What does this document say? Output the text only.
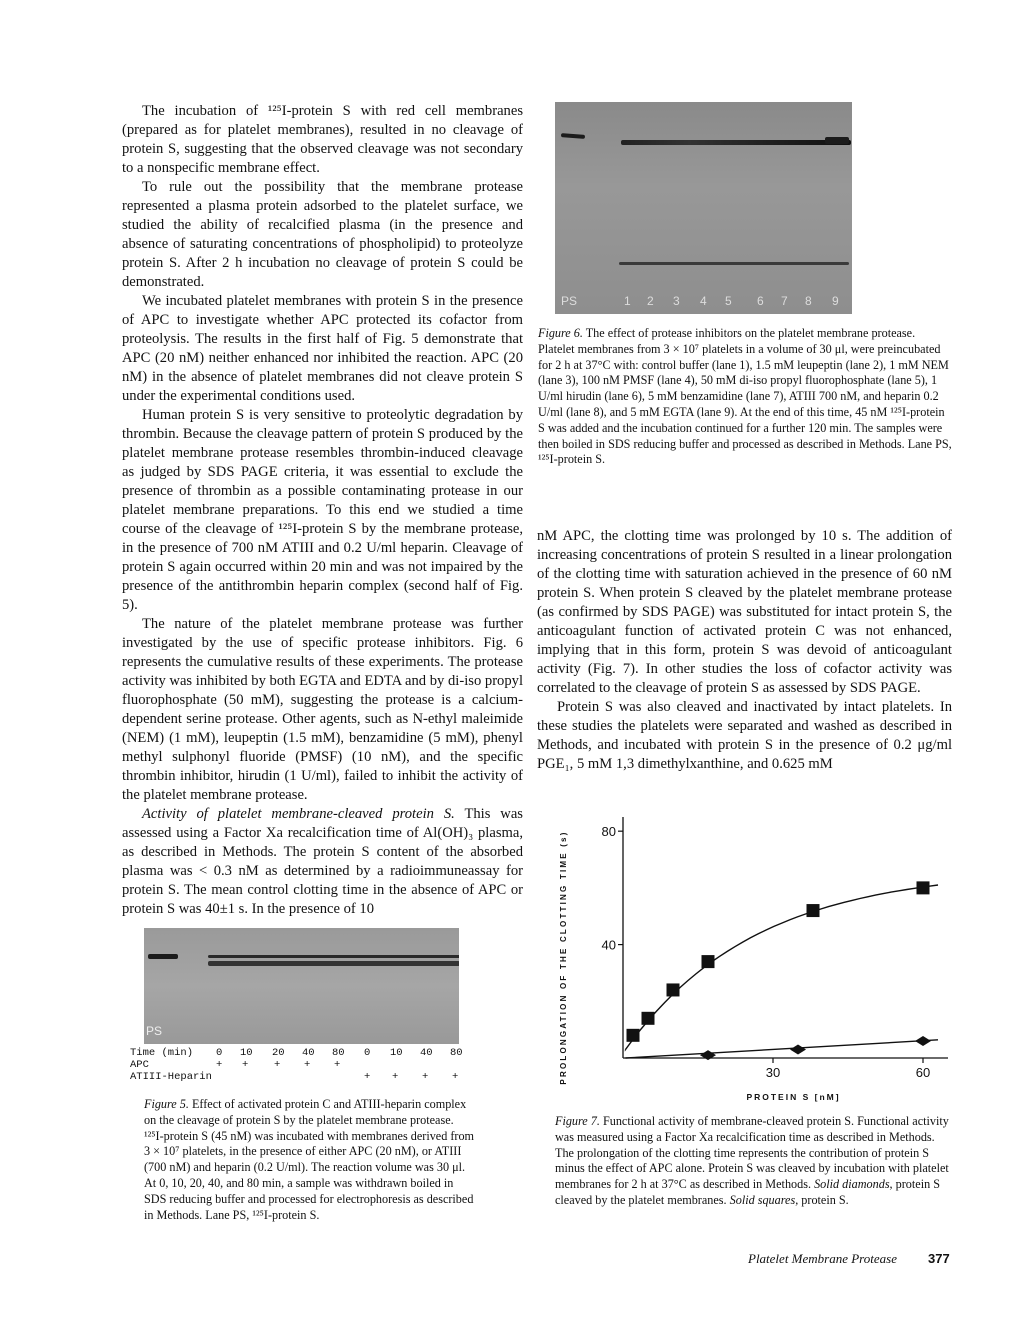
The incubation of ¹²⁵I-protein S with red cell membranes (prepared as for platelet membranes), resulted in no cleavage of protein S, suggesting that the observed cleavage was not secondary to a nonspecific membrane effect.

To rule out the possibility that the membrane protease represented a plasma protein adsorbed to the platelet surface, we studied the ability of recalcified plasma (in the presence and absence of saturating concentrations of phospholipid) to proteolyze protein S. After 2 h incubation no cleavage of protein S could be demonstrated.

We incubated platelet membranes with protein S in the presence of APC to investigate whether APC protected its cofactor from proteolysis. The results in the first half of Fig. 5 demonstrate that APC (20 nM) neither enhanced nor inhibited the reaction. APC (20 nM) in the absence of platelet membranes did not cleave protein S under the experimental conditions used.

Human protein S is very sensitive to proteolytic degradation by thrombin. Because the cleavage pattern of protein S produced by the platelet membrane protease resembles thrombin-induced cleavage as judged by SDS PAGE criteria, it was essential to exclude the presence of thrombin as a possible contaminating protease in our platelet membrane preparations. To this end we studied a time course of the cleavage of ¹²⁵I-protein S by the membrane protease, in the presence of 700 nM ATIII and 0.2 U/ml heparin. Cleavage of protein S again occurred within 20 min and was not impaired by the presence of the antithrombin heparin complex (second half of Fig. 5).

The nature of the platelet membrane protease was further investigated by the use of specific protease inhibitors. Fig. 6 represents the cumulative results of these experiments. The protease activity was inhibited by both EGTA and EDTA and by di-iso propyl fluorophosphate (50 mM), suggesting the protease is a calcium-dependent serine protease. Other agents, such as N-ethyl maleimide (NEM) (1 mM), leupeptin (1.5 mM), benzamidine (5 mM), phenyl methyl sulphonyl fluoride (PMSF) (10 nM), and the specific thrombin inhibitor, hirudin (1 U/ml), failed to inhibit the activity of the platelet membrane protease.

Activity of platelet membrane-cleaved protein S. This was assessed using a Factor Xa recalcification time of Al(OH)₃ plasma, as described in Methods. The protein S content of the absorbed plasma was < 0.3 nM as determined by a radioimmuneassay for protein S. The mean control clotting time in the absence of APC or protein S was 40±1 s. In the presence of 10

PS	1 2 3 4 5 6 7 8 9
Figure 6. The effect of protease inhibitors on the platelet membrane protease. Platelet membranes from 3 × 10⁷ platelets in a volume of 30 μl, were preincubated for 2 h at 37°C with: control buffer (lane 1), 1.5 mM leupeptin (lane 2), 1 mM NEM (lane 3), 100 nM PMSF (lane 4), 50 mM di-iso propyl fluorophosphate (lane 5), 1 U/ml hirudin (lane 6), 5 mM benzamidine (lane 7), ATIII 700 nM, and heparin 0.2 U/ml (lane 8), and 5 mM EGTA (lane 9). At the end of this time, 45 nM ¹²⁵I-protein S was added and the incubation continued for a further 120 min. The samples were then boiled in SDS reducing buffer and processed as described in Methods. Lane PS, ¹²⁵I-protein S.

nM APC, the clotting time was prolonged by 10 s. The addition of increasing concentrations of protein S resulted in a linear prolongation of the clotting time with saturation achieved in the presence of 60 nM protein S. When protein S cleaved by the platelet membrane protease (as confirmed by SDS PAGE) was substituted for intact protein S, the anticoagulant function of activated protein C was not enhanced, implying that in this form, protein S was devoid of anticoagulant activity (Fig. 7). In other studies the loss of cofactor activity was correlated to the cleavage of protein S as assessed by SDS PAGE.

Protein S was also cleaved and inactivated by intact platelets. In these studies the platelets were separated and washed as described in Methods, and incubated with protein S in the presence of 0.2 μg/ml PGE₁, 5 mM 1,3 dimethylxanthine, and 0.625 mM

PS
Time (min)
APC
ATIII-Heparin
0 10 20 40 80 0 10 40 80
+ + + + +
+ + + +
Figure 5. Effect of activated protein C and ATIII-heparin complex on the cleavage of protein S by the platelet membrane protease. ¹²⁵I-protein S (45 nM) was incubated with membranes derived from 3 × 10⁷ platelets, in the presence of either APC (20 nM), or ATIII (700 nM) and heparin (0.2 U/ml). The reaction volume was 30 μl. At 0, 10, 20, 40, and 80 min, a sample was withdrawn boiled in SDS reducing buffer and processed for electrophoresis as described in Methods. Lane PS, ¹²⁵I-protein S.
40
80
30	60
PROTEIN S [nM]
PROLONGATION OF THE CLOTTING TIME (s)
Figure 7. Functional activity of membrane-cleaved protein S. Functional activity was measured using a Factor Xa recalcification time as described in Methods. The prolongation of the clotting time represents the contribution of protein S minus the effect of APC alone. Protein S was cleaved by incubation with platelet membranes for 2 h at 37°C as described in Methods. Solid diamonds, protein S cleaved by the platelet membranes. Solid squares, protein S.
Platelet Membrane Protease 377
